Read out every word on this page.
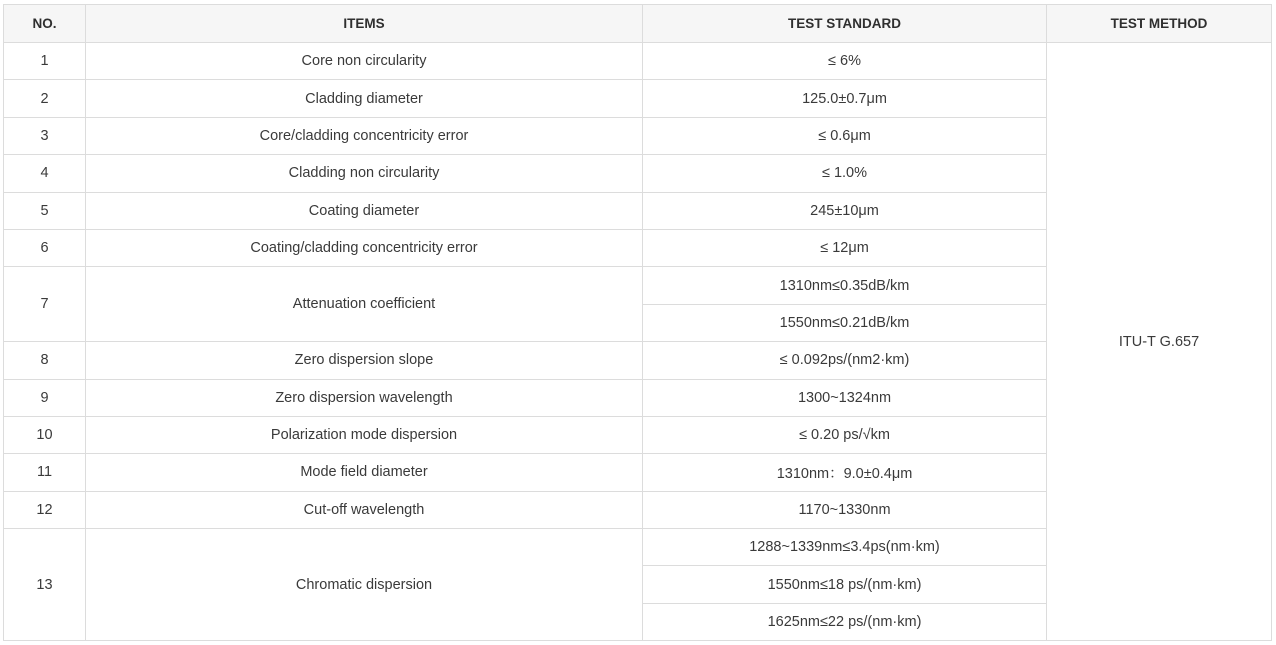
NO.	ITEMS	TEST STANDARD	TEST METHOD
1	Core non circularity	≤ 6%	ITU-T G.657
2	Cladding diameter	125.0±0.7μm	
3	Core/cladding concentricity error	≤ 0.6μm	
4	Cladding non circularity	≤ 1.0%	
5	Coating diameter	245±10μm	
6	Coating/cladding concentricity error	≤ 12μm	
7	Attenuation coefficient	1310nm≤0.35dB/km	
		1550nm≤0.21dB/km	
8	Zero dispersion slope	≤ 0.092ps/(nm2·km)	
9	Zero dispersion wavelength	1300~1324nm	
10	Polarization mode dispersion	≤ 0.20 ps/√km	
11	Mode field diameter	1310nm：9.0±0.4μm	
12	Cut-off wavelength	1170~1330nm	
13	Chromatic dispersion	1288~1339nm≤3.4ps(nm·km)	
		1550nm≤18 ps/(nm·km)	
		1625nm≤22 ps/(nm·km)	
